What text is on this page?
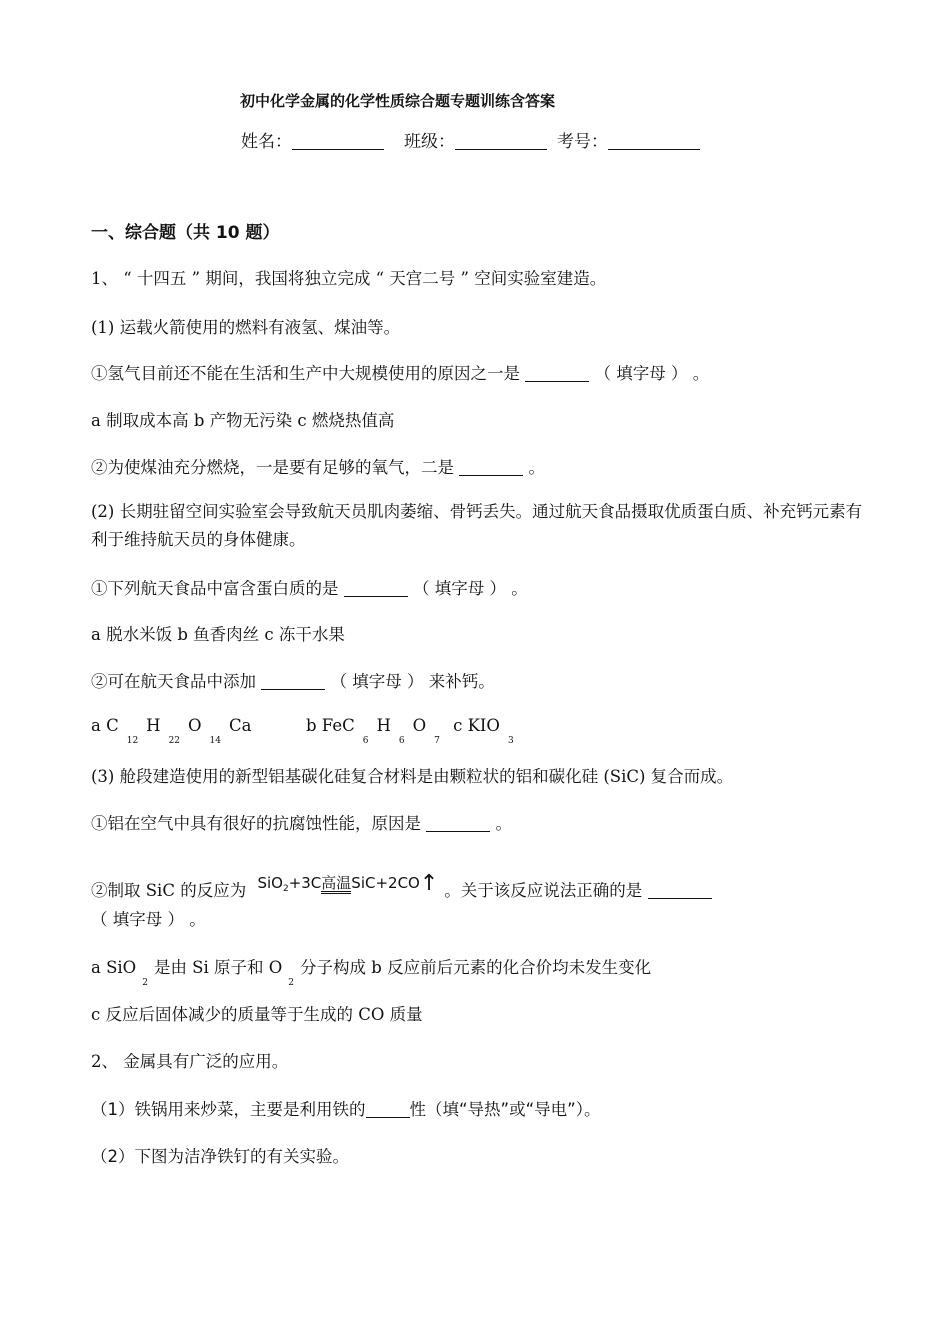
初中化学金属的化学性质综合题专题训练含答案
姓名：	班级：	考号：
一、综合题（共 10 题）
1、 “ 十四五 ” 期间，我国将独立完成 “ 天宫二号 ” 空间实验室建造。
(1) 运载火箭使用的燃料有液氢、煤油等。
①氢气目前还不能在生活和生产中大规模使用的原因之一是	（ 填字母 ） 。
a 制取成本高 b 产物无污染 c 燃烧热值高
②为使煤油充分燃烧，一是要有足够的氧气，二是	。
(2) 长期驻留空间实验室会导致航天员肌肉萎缩、骨钙丢失。通过航天食品摄取优质蛋白质、补充钙元素有利于维持航天员的身体健康。
①下列航天食品中富含蛋白质的是	（ 填字母 ） 。
a 脱水米饭 b 鱼香肉丝 c 冻干水果
②可在航天食品中添加	（ 填字母 ） 来补钙。
a $C_{12}H_{22}O_{14}Ca$	b $FeC_6H_6O_7$ c $KIO_3$
(3) 舱段建造使用的新型铝基碳化硅复合材料是由颗粒状的铝和碳化硅 (SiC) 复合而成。
①铝在空气中具有很好的抗腐蚀性能，原因是	。
②制取 SiC 的反应为 SiO$_2$+3C高温SiC+2CO↑ 。关于该反应说法正确的是
（ 填字母 ） 。
a SiO$_2$是由 Si 原子和 $O_2$分子构成 b 反应前后元素的化合价均未发生变化
c 反应后固体减少的质量等于生成的 CO 质量
2、 金属具有广泛的应用。
（1）铁锅用来炒菜，主要是利用铁的	性（填“导热”或“导电”）。
（2）下图为洁净铁钉的有关实验。
